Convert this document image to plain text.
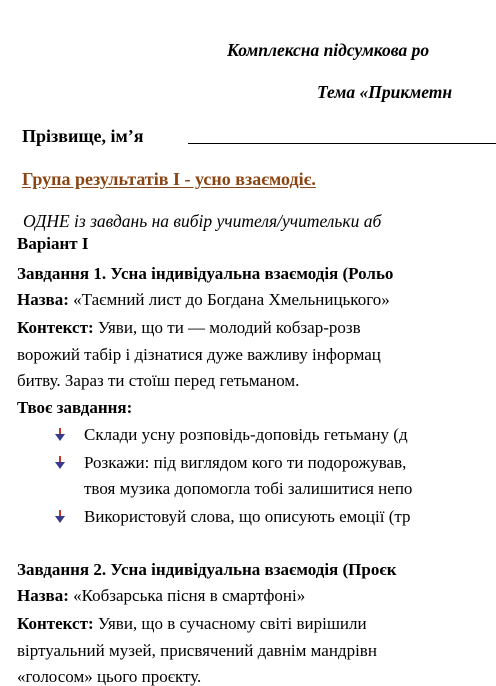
Комплексна підсумкова ро
Тема «Прикметн
Прізвище, ім’я
Група результатів І - усно взаємодіє.
ОДНЕ із завдань на вибір учителя/учительки аб
Варіант І
Завдання 1. Усна індивідуальна взаємодія (Рольо
Назва: «Таємний лист до Богдана Хмельницького»
Контекст: Уяви, що ти — молодий кобзар-розв
ворожий табір і дізнатися дуже важливу інформац
битву. Зараз ти стоїш перед гетьманом.
Твоє завдання:
Склади усну розповідь-доповідь гетьману (д
Розкажи: під виглядом кого ти подорожував,
твоя музика допомогла тобі залишитися непо
Використовуй слова, що описують емоції (тр
Завдання 2. Усна індивідуальна взаємодія (Проєк
Назва: «Кобзарська пісня в смартфоні»
Контекст: Уяви, що в сучасному світі вирішили
віртуальний музей, присвячений давнім мандрівн
«голосом» цього проєкту.
